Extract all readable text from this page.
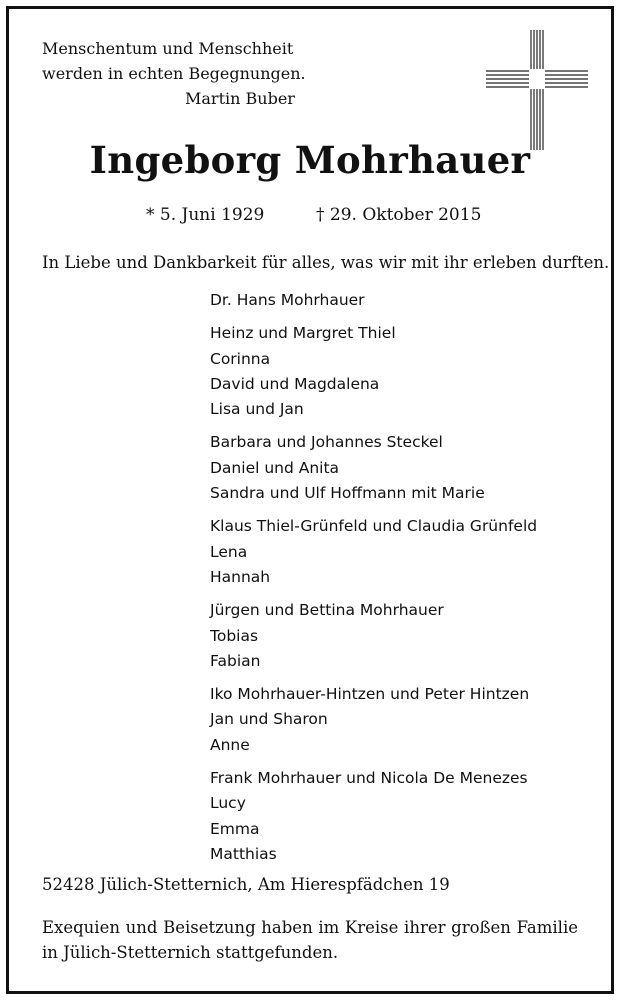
Menschentum und Menschheit
werden in echten Begegnungen.
Martin Buber
Ingeborg Mohrhauer
* 5. Juni 1929	† 29. Oktober 2015
In Liebe und Dankbarkeit für alles, was wir mit ihr erleben durften.
Dr. Hans Mohrhauer
Heinz und Margret Thiel
Corinna
David und Magdalena
Lisa und Jan
Barbara und Johannes Steckel
Daniel und Anita
Sandra und Ulf Hoffmann mit Marie
Klaus Thiel-Grünfeld und Claudia Grünfeld
Lena
Hannah
Jürgen und Bettina Mohrhauer
Tobias
Fabian
Iko Mohrhauer-Hintzen und Peter Hintzen
Jan und Sharon
Anne
Frank Mohrhauer und Nicola De Menezes
Lucy
Emma
Matthias
52428 Jülich-Stetternich, Am Hierespfädchen 19
Exequien und Beisetzung haben im Kreise ihrer großen Familie in Jülich-Stetternich stattgefunden.
